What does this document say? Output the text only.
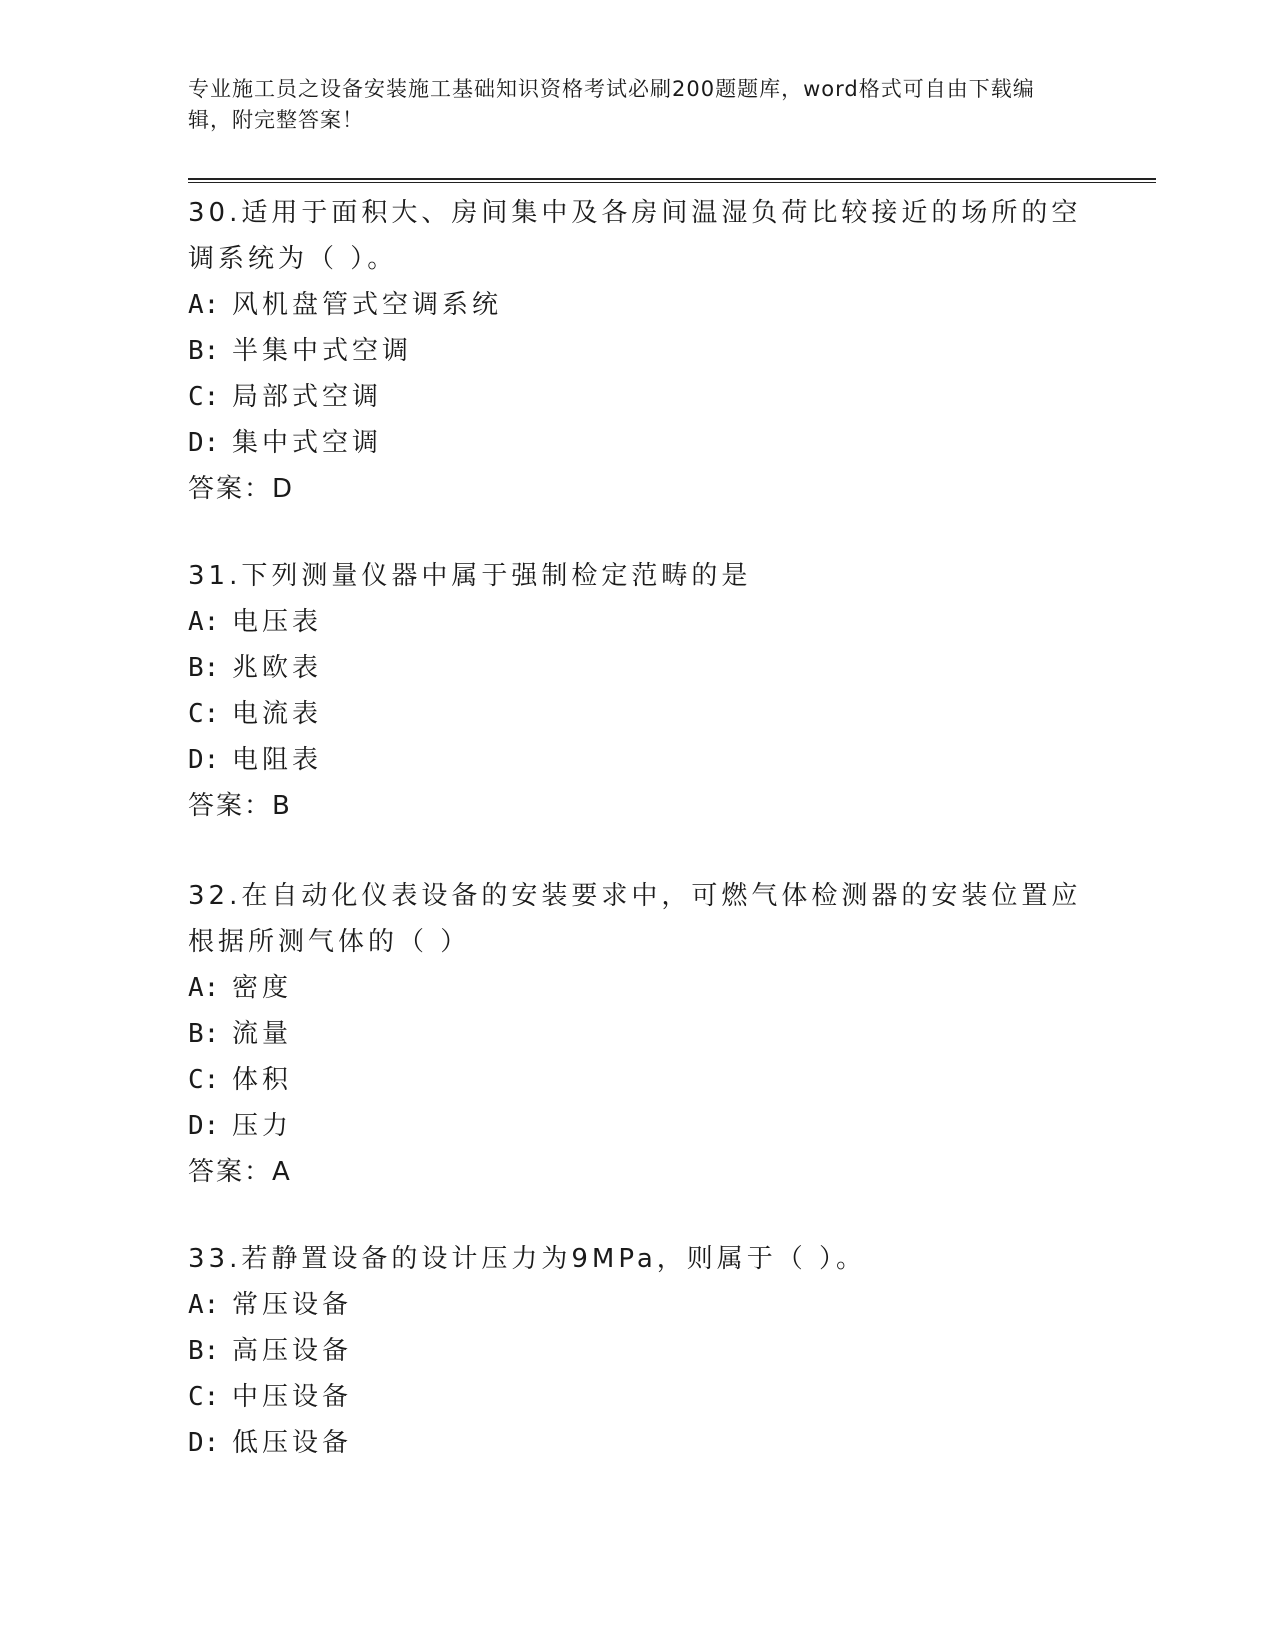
专业施工员之设备安装施工基础知识资格考试必刷200题题库，word格式可自由下载编辑，附完整答案！
30.适用于面积大、房间集中及各房间温湿负荷比较接近的场所的空调系统为（ ）。
A: 风机盘管式空调系统
B: 半集中式空调
C: 局部式空调
D: 集中式空调
答案：D
31.下列测量仪器中属于强制检定范畴的是
A: 电压表
B: 兆欧表
C: 电流表
D: 电阻表
答案：B
32.在自动化仪表设备的安装要求中，可燃气体检测器的安装位置应根据所测气体的（ ）
A: 密度
B: 流量
C: 体积
D: 压力
答案：A
33.若静置设备的设计压力为9MPa，则属于（ ）。
A: 常压设备
B: 高压设备
C: 中压设备
D: 低压设备
